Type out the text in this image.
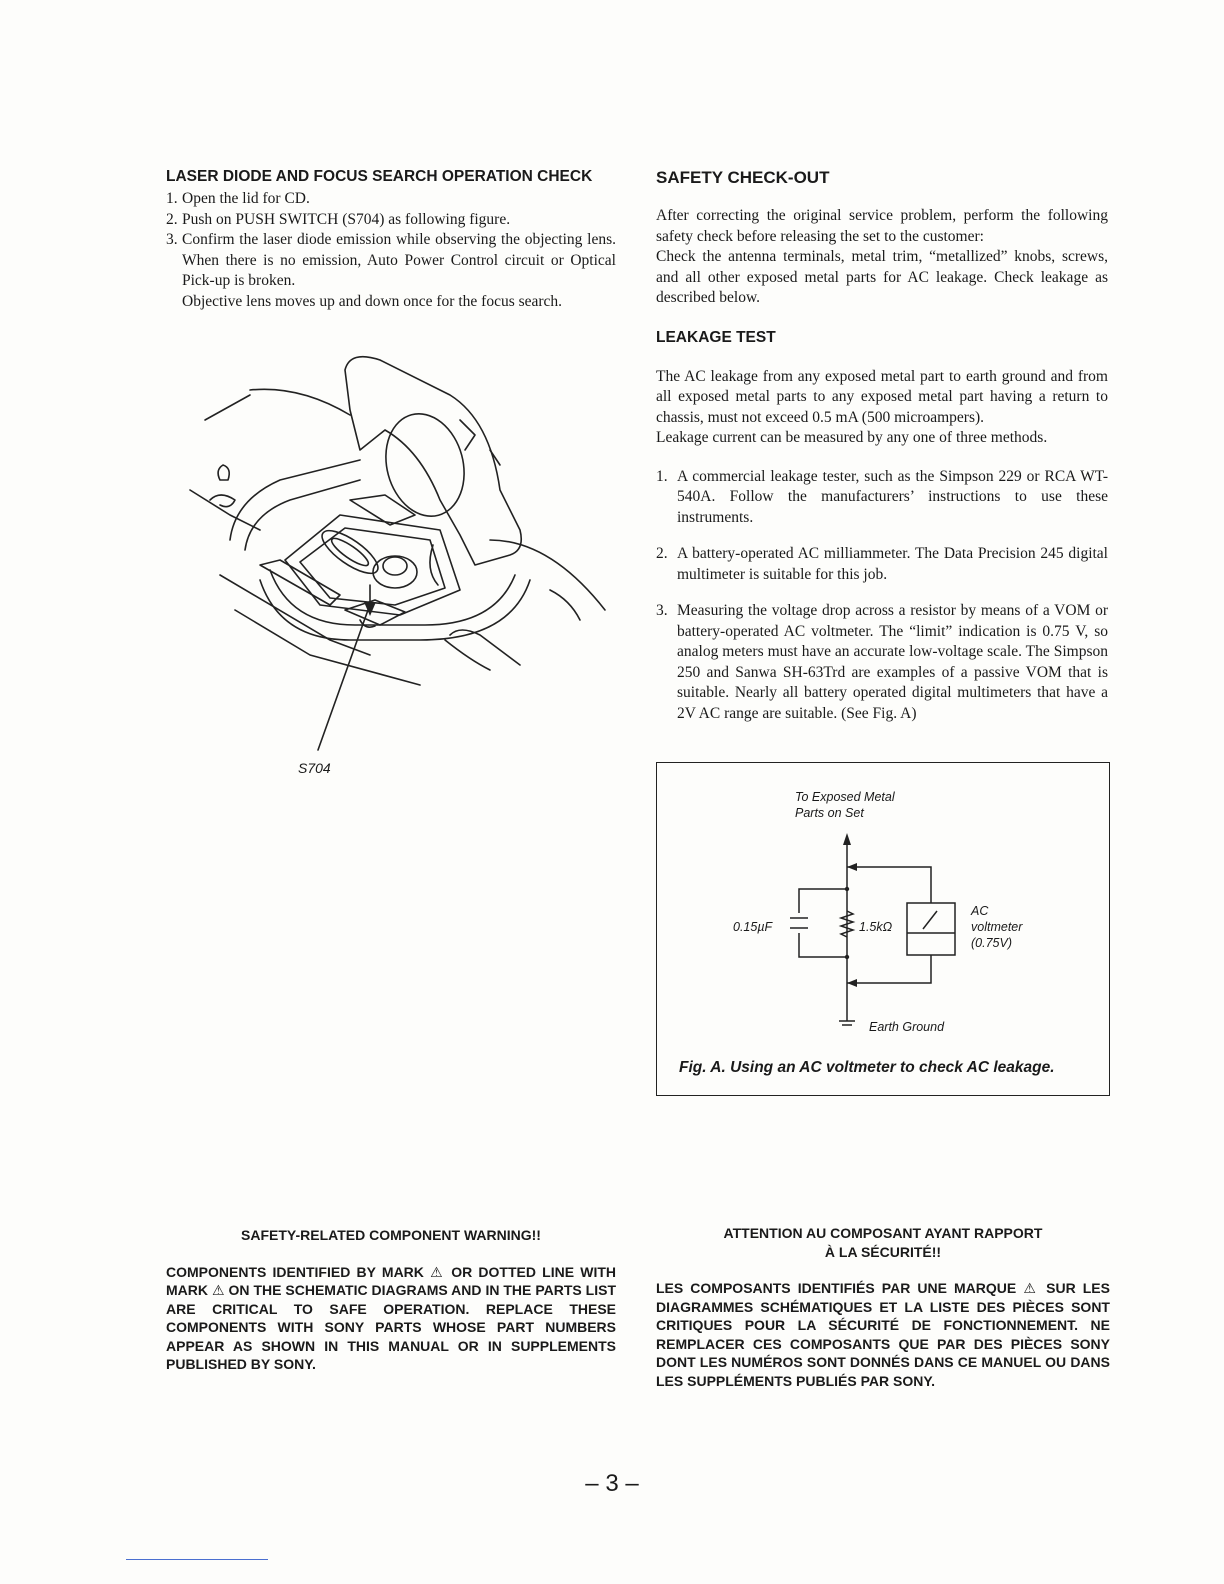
LASER DIODE AND FOCUS SEARCH OPERATION CHECK
1. Open the lid for CD.
2. Push on PUSH SWITCH (S704) as following figure.
3. Confirm the laser diode emission while observing the objecting lens. When there is no emission, Auto Power Control circuit or Optical Pick-up is broken.
Objective lens moves up and down once for the focus search.
S704
SAFETY CHECK-OUT
After correcting the original service problem, perform the following safety check before releasing the set to the customer:
Check the antenna terminals, metal trim, “metallized” knobs, screws, and all other exposed metal parts for AC leakage. Check leakage as described below.
LEAKAGE TEST
The AC leakage from any exposed metal part to earth ground and from all exposed metal parts to any exposed metal part having a return to chassis, must not exceed 0.5 mA (500 microampers).
Leakage current can be measured by any one of three methods.
1. A commercial leakage tester, such as the Simpson 229 or RCA WT-540A. Follow the manufacturers’ instructions to use these instruments.
2. A battery-operated AC milliammeter. The Data Precision 245 digital multimeter is suitable for this job.
3. Measuring the voltage drop across a resistor by means of a VOM or battery-operated AC voltmeter. The “limit” indication is 0.75 V, so analog meters must have an accurate low-voltage scale. The Simpson 250 and Sanwa SH-63Trd are examples of a passive VOM that is suitable. Nearly all battery operated digital multimeters that have a 2V AC range are suitable. (See Fig. A)
To Exposed Metal
Parts on Set
0.15µF	1.5kΩ
AC
voltmeter
(0.75V)
Earth Ground
Fig. A. Using an AC voltmeter to check AC leakage.
SAFETY-RELATED COMPONENT WARNING!!
COMPONENTS IDENTIFIED BY MARK ⚠ OR DOTTED LINE WITH MARK ⚠ ON THE SCHEMATIC DIAGRAMS AND IN THE PARTS LIST ARE CRITICAL TO SAFE OPERATION. REPLACE THESE COMPONENTS WITH SONY PARTS WHOSE PART NUMBERS APPEAR AS SHOWN IN THIS MANUAL OR IN SUPPLEMENTS PUBLISHED BY SONY.
ATTENTION AU COMPOSANT AYANT RAPPORT
À LA SÉCURITÉ!!
LES COMPOSANTS IDENTIFIÉS PAR UNE MARQUE ⚠ SUR LES DIAGRAMMES SCHÉMATIQUES ET LA LISTE DES PIÈCES SONT CRITIQUES POUR LA SÉCURITÉ DE FONCTIONNEMENT. NE REMPLACER CES COMPOSANTS QUE PAR DES PIÈCES SONY DONT LES NUMÉROS SONT DONNÉS DANS CE MANUEL OU DANS LES SUPPLÉMENTS PUBLIÉS PAR SONY.
– 3 –
